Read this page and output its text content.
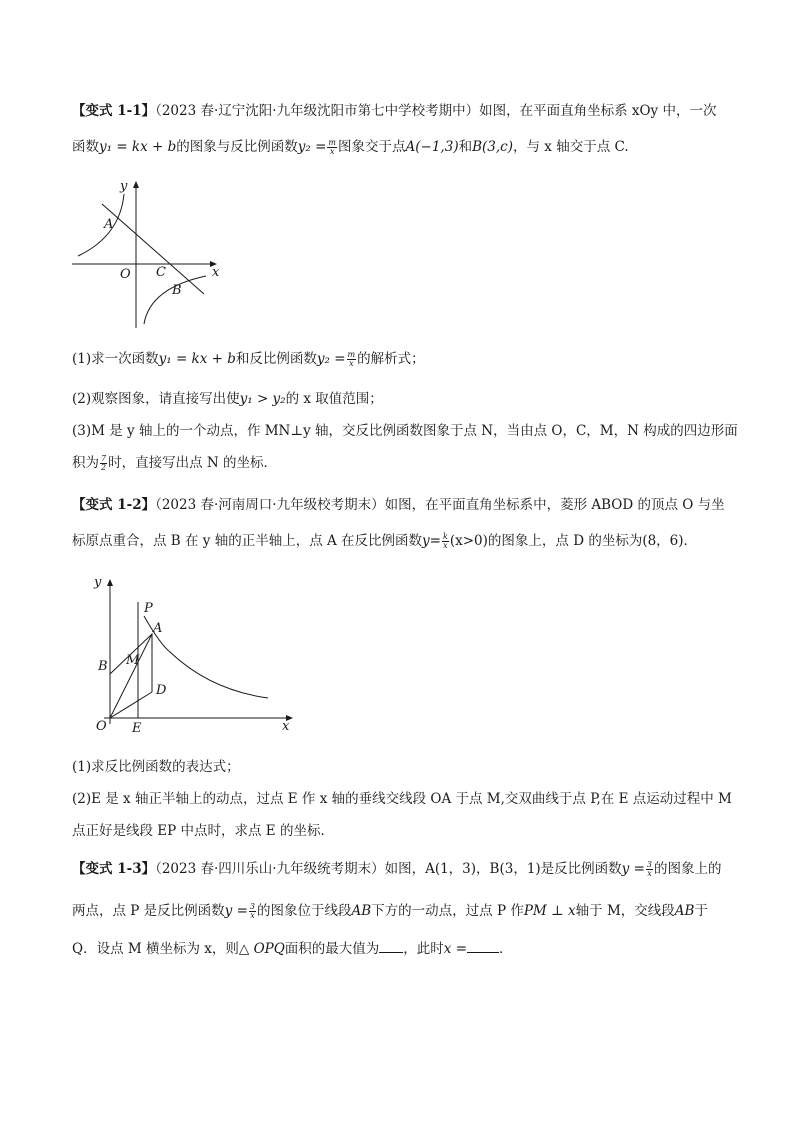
【变式 1-1】（2023 春·辽宁沈阳·九年级沈阳市第七中学校考期中）如图，在平面直角坐标系 xOy 中，一次
函数y₁ = kx + b的图象与反比例函数$y_2 = \frac{m}{x}$ 图象交于点A(−1,3)和B(3,c)，与 x 轴交于点 C.
y
x
A
O C
B
(1)求一次函数y₁ = kx + b和反比例函数$y_2 = \frac{m}{x}$ 的解析式；
(2)观察图象，请直接写出使y₁ > y₂的 x 取值范围；
(3)M 是 y 轴上的一个动点，作 MN⊥y 轴，交反比例函数图象于点 N，当由点 O，C，M，N 构成的四边形面
积为 $\frac{7}{2}$ 时，直接写出点 N 的坐标．
【变式 1-2】（2023 春·河南周口·九年级校考期末）如图，在平面直角坐标系中，菱形 ABOD 的顶点 O 与坐
标原点重合，点 B 在 y 轴的正半轴上，点 A 在反比例函数$y= \frac{k}{x} (x>0)$的图象上，点 D 的坐标为(8，6)．
y
P
A
M
B
D
O E	x
(1)求反比例函数的表达式；
(2)E 是 x 轴正半轴上的动点，过点 E 作 x 轴的垂线交线段 OA 于点 M,交双曲线于点 P,在 E 点运动过程中 M
点正好是线段 EP 中点时，求点 E 的坐标．
【变式 1-3】（2023 春·四川乐山·九年级统考期末）如图，A(1，3)，B(3，1)是反比例函数$y = \frac{3}{x}$ 的图象上的
两点，点 P 是反比例函数$y = \frac{3}{x}$ 的图象位于线段AB下方的一动点，过点 P 作PM ⊥ x轴于 M，交线段AB于
Q．设点 M 横坐标为 x，则△ OPQ面积的最大值为 ，此时x = ．
